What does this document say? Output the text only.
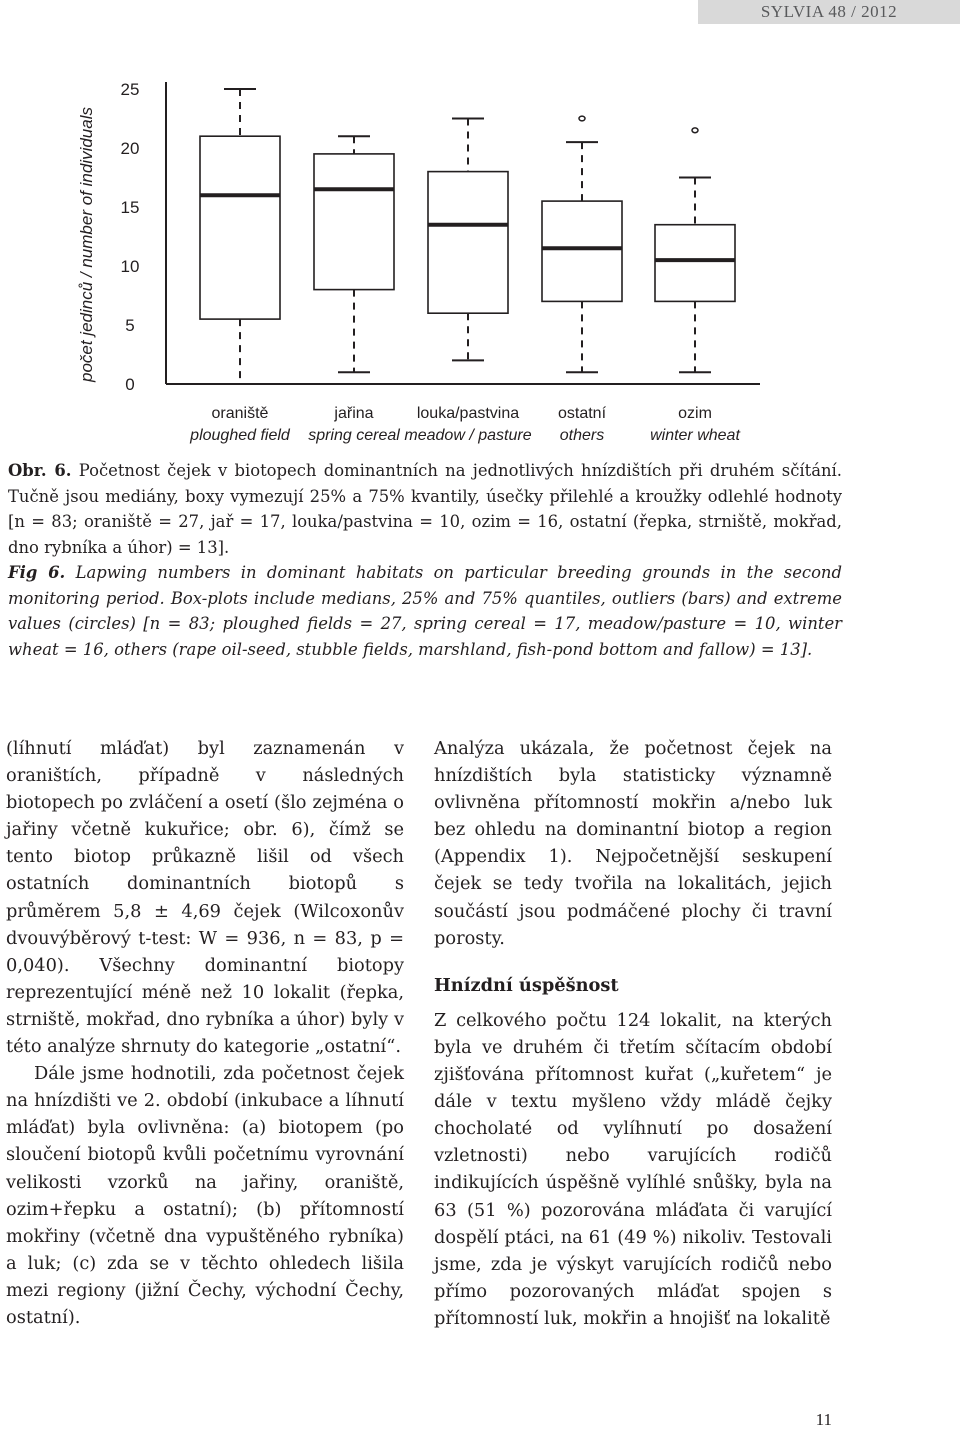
SYLVIA 48 / 2012
počet jedinců / number of individuals
0
5
10
15
20
25
oraniště
ploughed field
jařina
spring cereal
louka/pastvina
meadow / pasture
ostatní
others
ozim
winter wheat

Obr. 6. Početnost čejek v biotopech dominantních na jednotlivých hnízdištích při druhém sčítání. Tučně jsou mediány, boxy vymezují 25% a 75% kvantily, úsečky přilehlé a kroužky odlehlé hodnoty [n = 83; oraniště = 27, jař = 17, louka/pastvina = 10, ozim = 16, ostatní (řepka, strniště, mokřad, dno rybníka a úhor) = 13].

Fig 6. Lapwing numbers in dominant habitats on particular breeding grounds in the second monitoring period. Box-plots include medians, 25% and 75% quantiles, outliers (bars) and extreme values (circles) [n = 83; ploughed fields = 27, spring cereal = 17, meadow/pasture = 10, winter wheat = 16, others (rape oil-seed, stubble fields, marshland, fish-pond bottom and fallow) = 13].

(líhnutí mláďat) byl zaznamenán v oraništích, případně v následných biotopech po zvláčení a osetí (šlo zejména o jařiny včetně kukuřice; obr. 6), čímž se tento biotop průkazně lišil od všech ostatních dominantních biotopů s průměrem 5,8 ± 4,69 čejek (Wilcoxonův dvouvýběrový t-test: W = 936, n = 83, p = 0,040). Všechny dominantní biotopy reprezentující méně než 10 lokalit (řepka, strniště, mokřad, dno rybníka a úhor) byly v této analýze shrnuty do kategorie „ostatní“.

Dále jsme hodnotili, zda početnost čejek na hnízdišti ve 2. období (inkubace a líhnutí mláďat) byla ovlivněna: (a) biotopem (po sloučení biotopů kvůli početnímu vyrovnání velikosti vzorků na jařiny, oraniště, ozim+řepku a ostatní); (b) přítomností mokřiny (včetně dna vypuštěného rybníka) a luk; (c) zda se v těchto ohledech lišila mezi regiony (jižní Čechy, východní Čechy, ostatní).

Analýza ukázala, že početnost čejek na hnízdištích byla statisticky významně ovlivněna přítomností mokřin a/nebo luk bez ohledu na dominantní biotop a region (Appendix 1). Nejpočetnější seskupení čejek se tedy tvořila na lokalitách, jejich součástí jsou podmáčené plochy či travní porosty.

Hnízdní úspěšnost

Z celkového počtu 124 lokalit, na kterých byla ve druhém či třetím sčítacím období zjišťována přítomnost kuřat („kuřetem“ je dále v textu myšleno vždy mládě čejky chocholaté od vylíhnutí po dosažení vzletnosti) nebo varujících rodičů indikujících úspěšně vylíhlé snůšky, byla na 63 (51 %) pozorována mláďata či varující dospělí ptáci, na 61 (49 %) nikoliv. Testovali jsme, zda je výskyt varujících rodičů nebo přímo pozorovaných mláďat spojen s přítomností luk, mokřin a hnojišť na lokalitě

11
